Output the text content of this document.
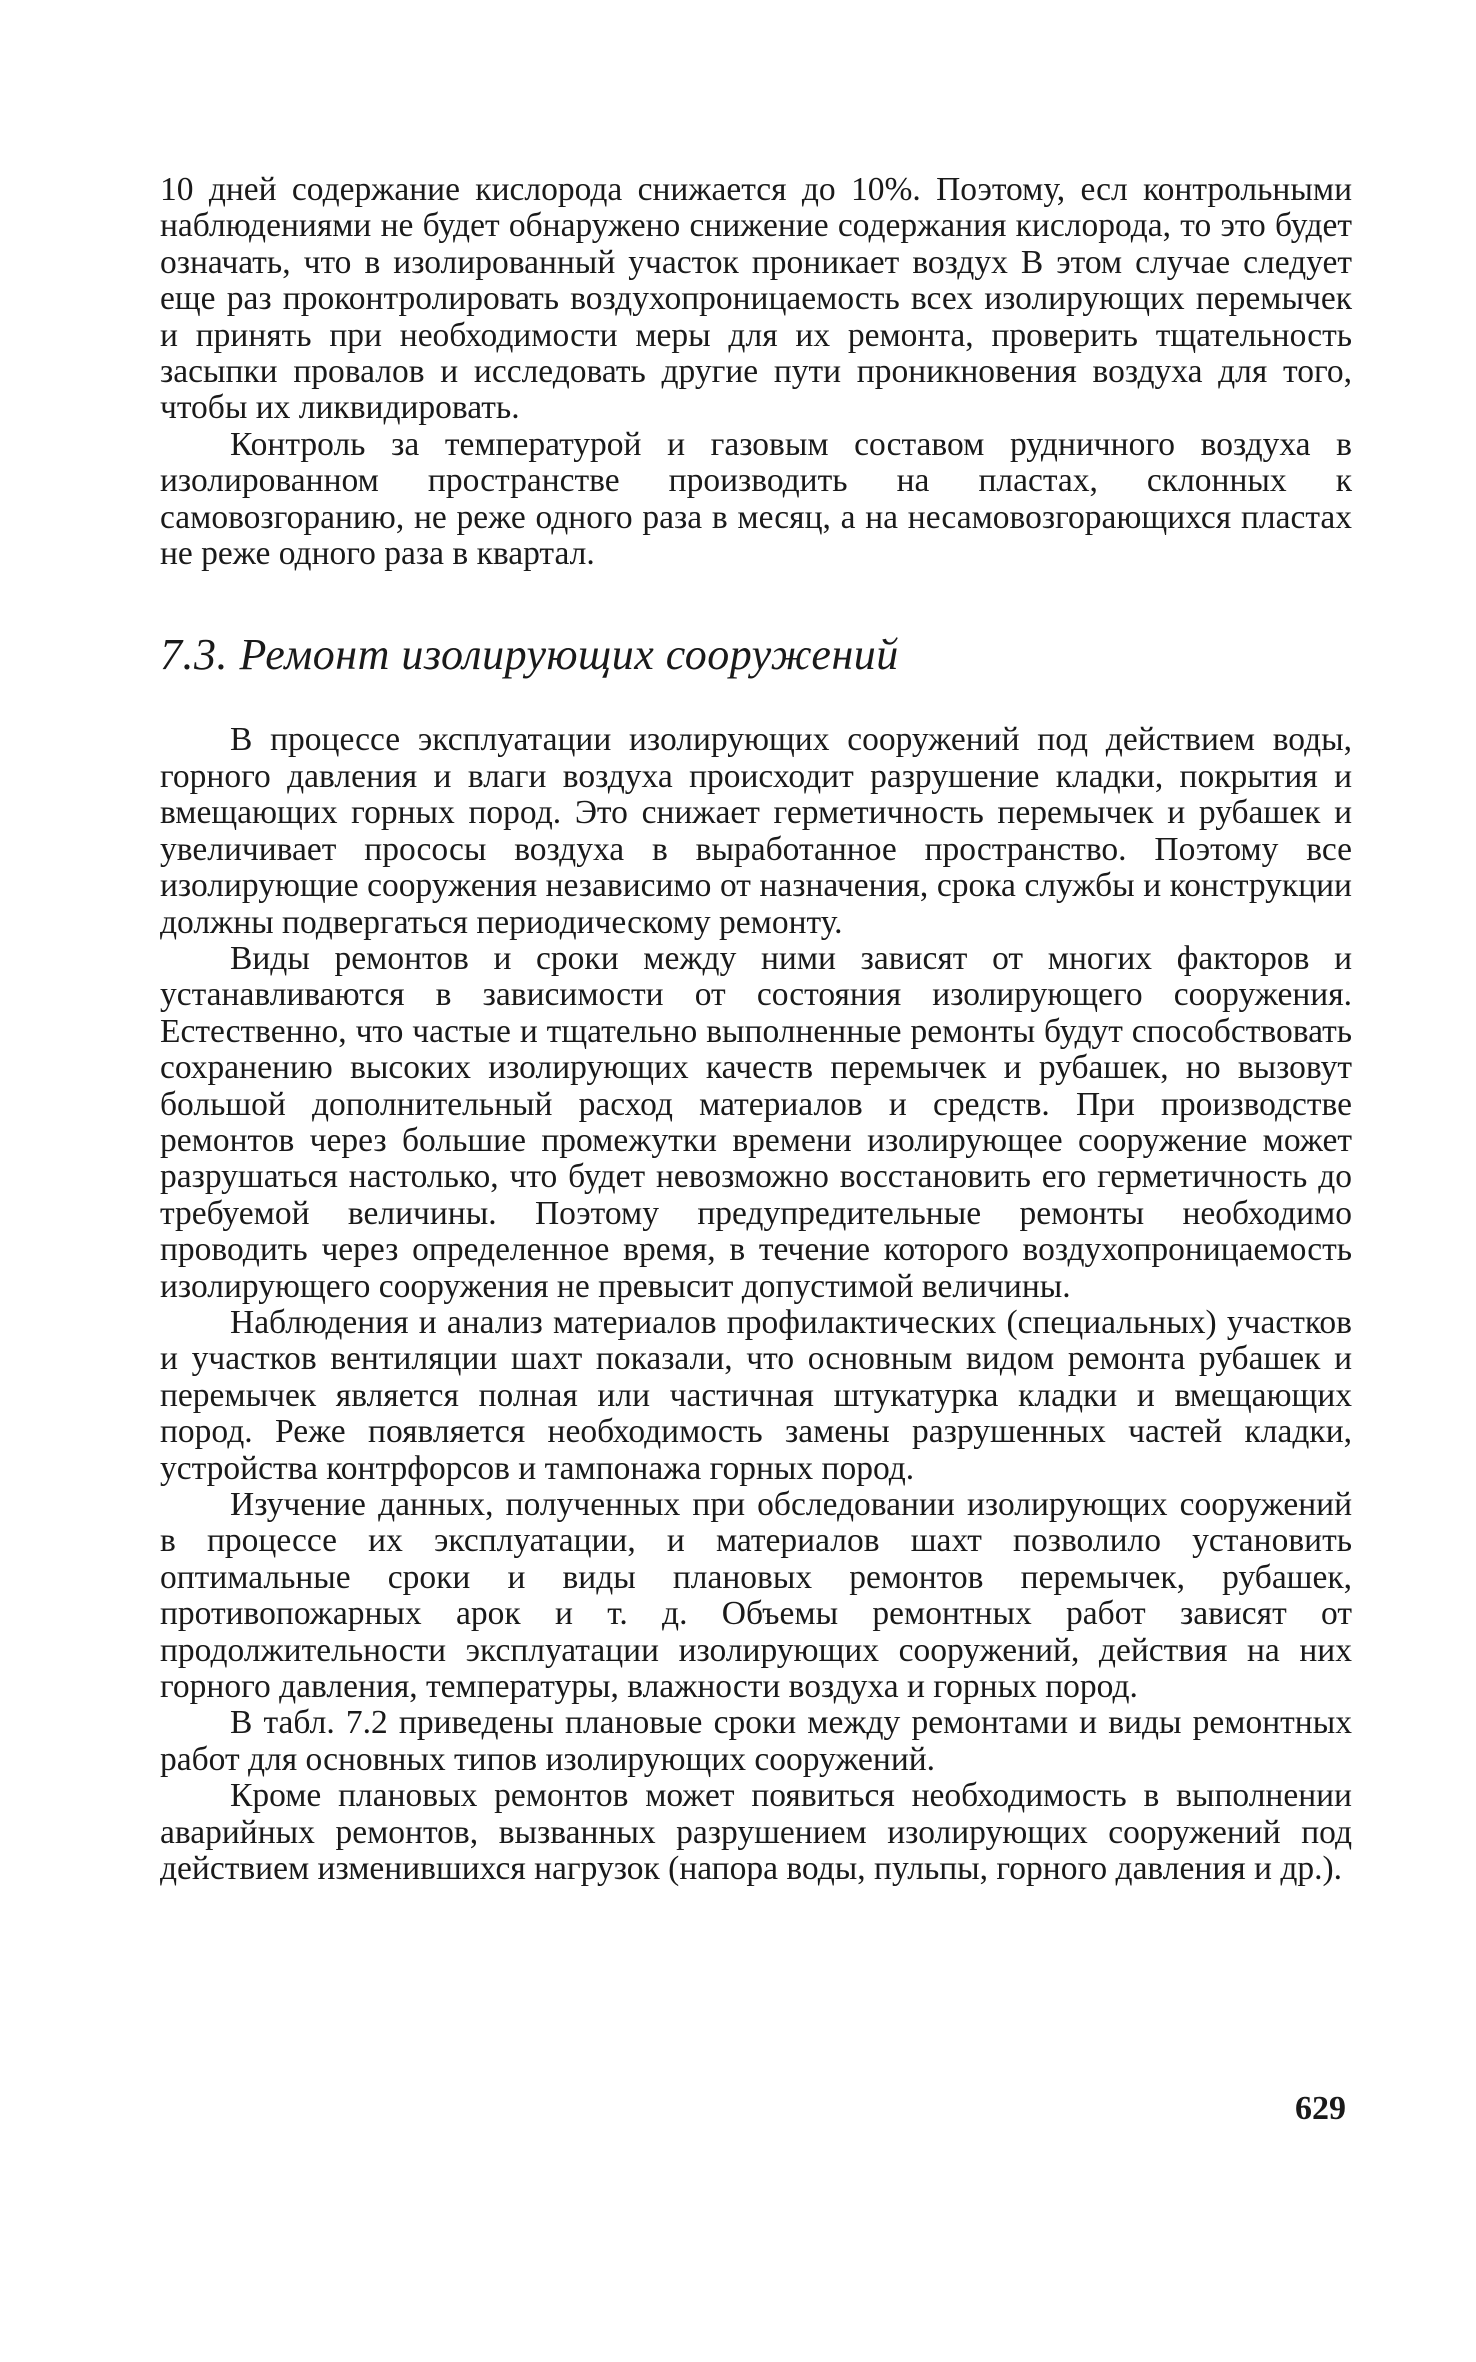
10 дней содержание кислорода снижается до 10%. Поэтому, есл контрольными наблюдениями не будет обнаружено снижение содержания кислорода, то это будет означать, что в изолированный участок проникает воздух В этом случае следует еще раз проконтролировать воздухопроницаемость всех изолирующих перемычек и принять при необходимости меры для их ремонта, проверить тщательность засыпки провалов и исследовать другие пути проникновения воздуха для того, чтобы их ликвидировать.

Контроль за температурой и газовым составом рудничного воздуха в изолированном пространстве производить на пластах, склонных к самовозгоранию, не реже одного раза в месяц, а на несамовозгорающихся пластах не реже одного раза в квартал.

7.3. Ремонт изолирующих сооружений

В процессе эксплуатации изолирующих сооружений под действием воды, горного давления и влаги воздуха происходит разрушение кладки, покрытия и вмещающих горных пород. Это снижает герметичность перемычек и рубашек и увеличивает прососы воздуха в выработанное пространство. Поэтому все изолирующие сооружения независимо от назначения, срока службы и конструкции должны подвергаться периодическому ремонту.

Виды ремонтов и сроки между ними зависят от многих факторов и устанавливаются в зависимости от состояния изолирующего сооружения. Естественно, что частые и тщательно выполненные ремонты будут способствовать сохранению высоких изолирующих качеств перемычек и рубашек, но вызовут большой дополнительный расход материалов и средств. При производстве ремонтов через большие промежутки времени изолирующее сооружение может разрушаться настолько, что будет невозможно восстановить его герметичность до требуемой величины. Поэтому предупредительные ремонты необходимо проводить через определенное время, в течение которого воздухопроницаемость изолирующего сооружения не превысит допустимой величины.

Наблюдения и анализ материалов профилактических (специальных) участков и участков вентиляции шахт показали, что основным видом ремонта рубашек и перемычек является полная или частичная штукатурка кладки и вмещающих пород. Реже появляется необходимость замены разрушенных частей кладки, устройства контрфорсов и тампонажа горных пород.

Изучение данных, полученных при обследовании изолирующих сооружений в процессе их эксплуатации, и материалов шахт позволило установить оптимальные сроки и виды плановых ремонтов перемычек, рубашек, противопожарных арок и т. д. Объемы ремонтных работ зависят от продолжительности эксплуатации изолирующих сооружений, действия на них горного давления, температуры, влажности воздуха и горных пород.

В табл. 7.2 приведены плановые сроки между ремонтами и виды ремонтных работ для основных типов изолирующих сооружений.

Кроме плановых ремонтов может появиться необходимость в выполнении аварийных ремонтов, вызванных разрушением изолирующих сооружений под действием изменившихся нагрузок (напора воды, пульпы, горного давления и др.).

629
